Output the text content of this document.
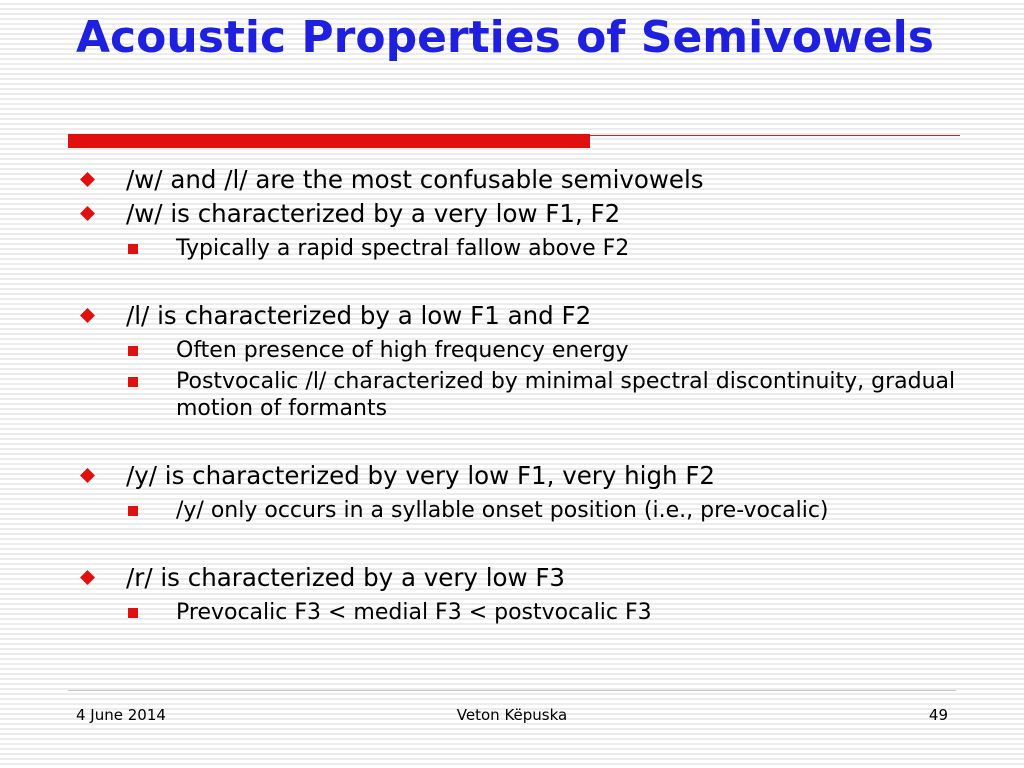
Acoustic Properties of Semivowels
/w/ and /l/ are the most confusable semivowels
/w/ is characterized by a very low F1, F2
Typically a rapid spectral fallow above F2
/l/ is characterized by a low F1 and F2
Often presence of high frequency energy
Postvocalic /l/ characterized by minimal spectral discontinuity, gradual motion of formants
/y/ is characterized by very low F1, very high F2
/y/ only occurs in a syllable onset position (i.e., pre-vocalic)
/r/ is characterized by a very low F3
Prevocalic F3 < medial F3 < postvocalic F3
4 June 2014	Veton Këpuska	49
